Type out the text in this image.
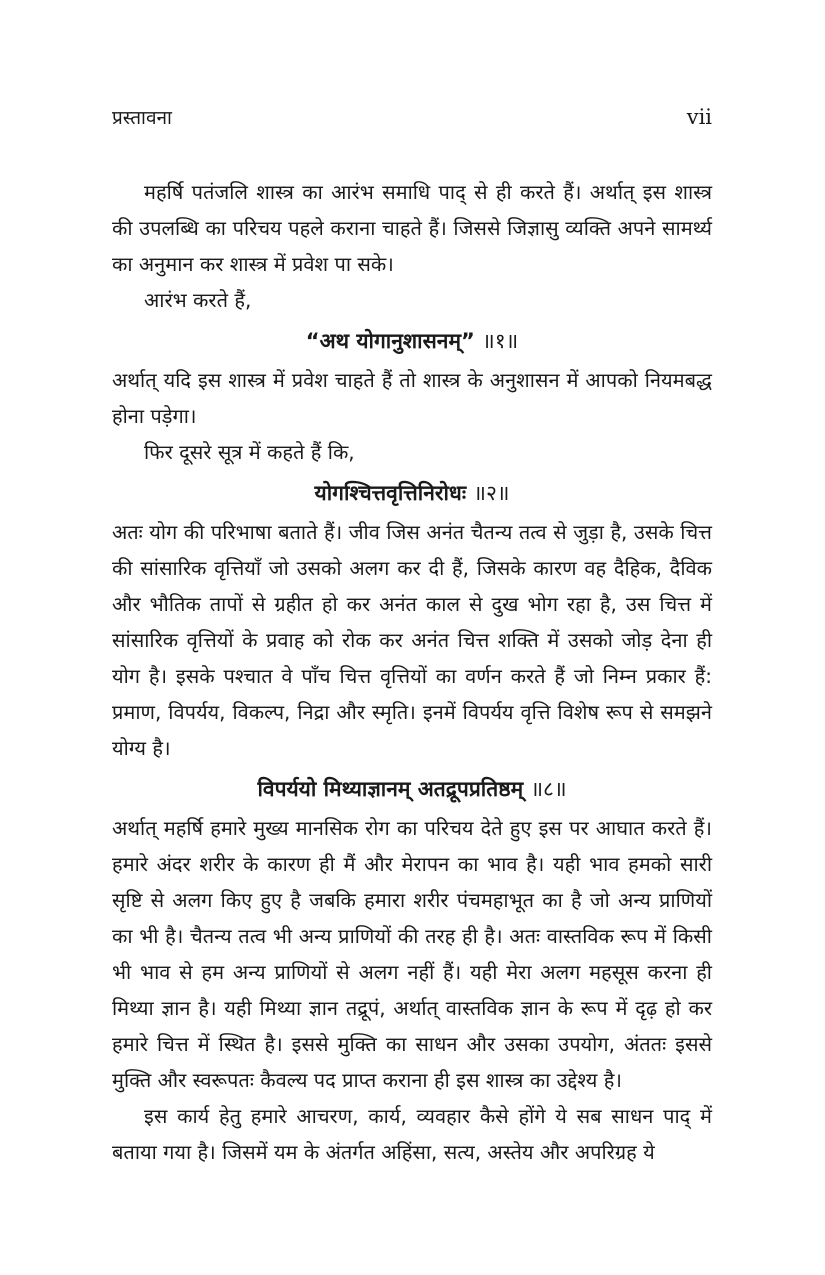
प्रस्तावना	vii

महर्षि पतंजलि शास्त्र का आरंभ समाधि पाद् से ही करते हैं। अर्थात् इस शास्त्र की उपलब्धि का परिचय पहले कराना चाहते हैं। जिससे जिज्ञासु व्यक्ति अपने सामर्थ्य का अनुमान कर शास्त्र में प्रवेश पा सके।

आरंभ करते हैं,

“अथ योगानुशासनम्” ॥१॥

अर्थात् यदि इस शास्त्र में प्रवेश चाहते हैं तो शास्त्र के अनुशासन में आपको नियमबद्ध होना पड़ेगा।

फिर दूसरे सूत्र में कहते हैं कि,

योगश्चित्तवृत्तिनिरोधः ॥२॥

अतः योग की परिभाषा बताते हैं। जीव जिस अनंत चैतन्य तत्व से जुड़ा है, उसके चित्त की सांसारिक वृत्तियाँ जो उसको अलग कर दी हैं, जिसके कारण वह दैहिक, दैविक और भौतिक तापों से ग्रहीत हो कर अनंत काल से दुख भोग रहा है, उस चित्त में सांसारिक वृत्तियों के प्रवाह को रोक कर अनंत चित्त शक्ति में उसको जोड़ देना ही योग है। इसके पश्चात वे पाँच चित्त वृत्तियों का वर्णन करते हैं जो निम्न प्रकार हैं: प्रमाण, विपर्यय, विकल्प, निद्रा और स्मृति। इनमें विपर्यय वृत्ति विशेष रूप से समझने योग्य है।

विपर्ययो मिथ्याज्ञानम् अतद्रूपप्रतिष्ठम् ॥८॥

अर्थात् महर्षि हमारे मुख्य मानसिक रोग का परिचय देते हुए इस पर आघात करते हैं। हमारे अंदर शरीर के कारण ही मैं और मेरापन का भाव है। यही भाव हमको सारी सृष्टि से अलग किए हुए है जबकि हमारा शरीर पंचमहाभूत का है जो अन्य प्राणियों का भी है। चैतन्य तत्व भी अन्य प्राणियों की तरह ही है। अतः वास्तविक रूप में किसी भी भाव से हम अन्य प्राणियों से अलग नहीं हैं। यही मेरा अलग महसूस करना ही मिथ्या ज्ञान है। यही मिथ्या ज्ञान तद्रूपं, अर्थात् वास्तविक ज्ञान के रूप में दृढ़ हो कर हमारे चित्त में स्थित है। इससे मुक्ति का साधन और उसका उपयोग, अंततः इससे मुक्ति और स्वरूपतः कैवल्य पद प्राप्त कराना ही इस शास्त्र का उद्देश्य है।

इस कार्य हेतु हमारे आचरण, कार्य, व्यवहार कैसे होंगे ये सब साधन पाद् में बताया गया है। जिसमें यम के अंतर्गत अहिंसा, सत्य, अस्तेय और अपरिग्रह ये
